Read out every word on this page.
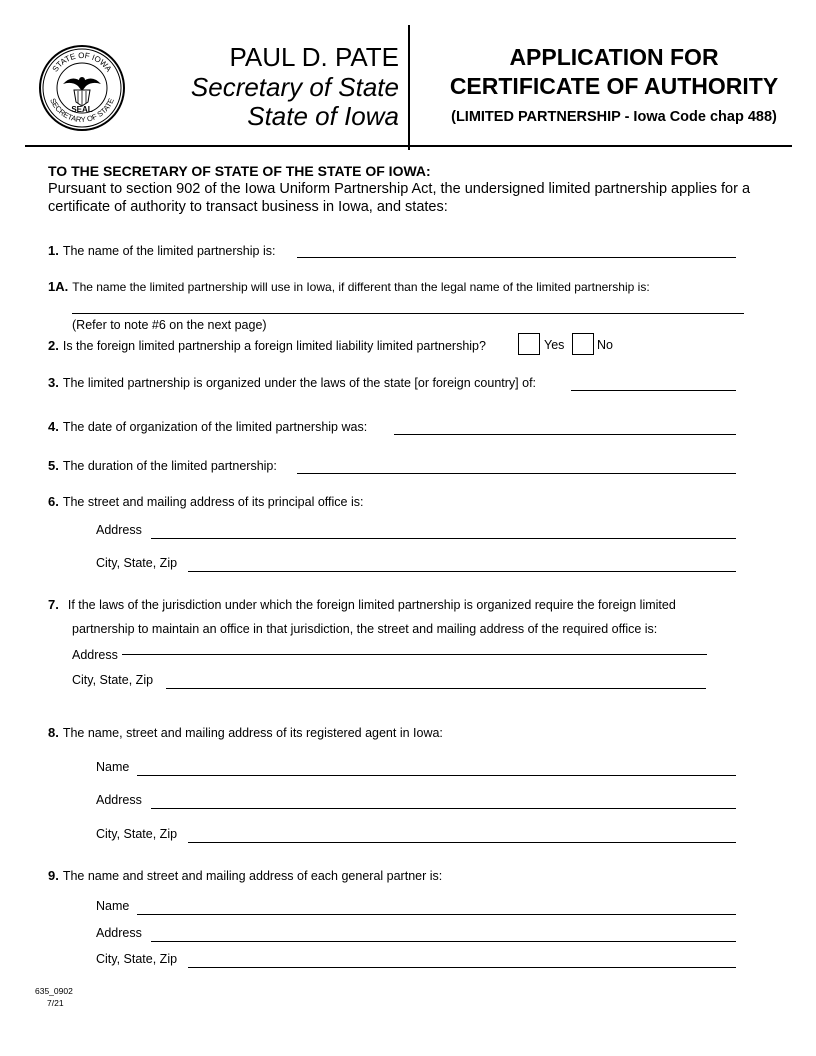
STATE OF IOWA
SECRETARY OF STATE
SEAL
PAUL D. PATE
Secretary of State
State of Iowa
APPLICATION FOR
CERTIFICATE OF AUTHORITY
(LIMITED PARTNERSHIP - Iowa Code chap 488)
TO THE SECRETARY OF STATE OF THE STATE OF IOWA:
Pursuant to section 902 of the Iowa Uniform Partnership Act, the undersigned limited partnership applies for a certificate of authority to transact business in Iowa, and states:
1. The name of the limited partnership is:
1A. The name the limited partnership will use in Iowa, if different than the legal name of the limited partnership is:
(Refer to note #6 on the next page)
2. Is the foreign limited partnership a foreign limited liability limited partnership?	Yes	No
3. The limited partnership is organized under the laws of the state [or foreign country] of:
4. The date of organization of the limited partnership was:
5. The duration of the limited partnership:
6. The street and mailing address of its principal office is:
Address
City, State, Zip
7. If the laws of the jurisdiction under which the foreign limited partnership is organized require the foreign limited
partnership to maintain an office in that jurisdiction, the street and mailing address of the required office is:
Address
City, State, Zip
8. The name, street and mailing address of its registered agent in Iowa:
Name
Address
City, State, Zip
9. The name and street and mailing address of each general partner is:
Name
Address
City, State, Zip
635_0902
7/21
